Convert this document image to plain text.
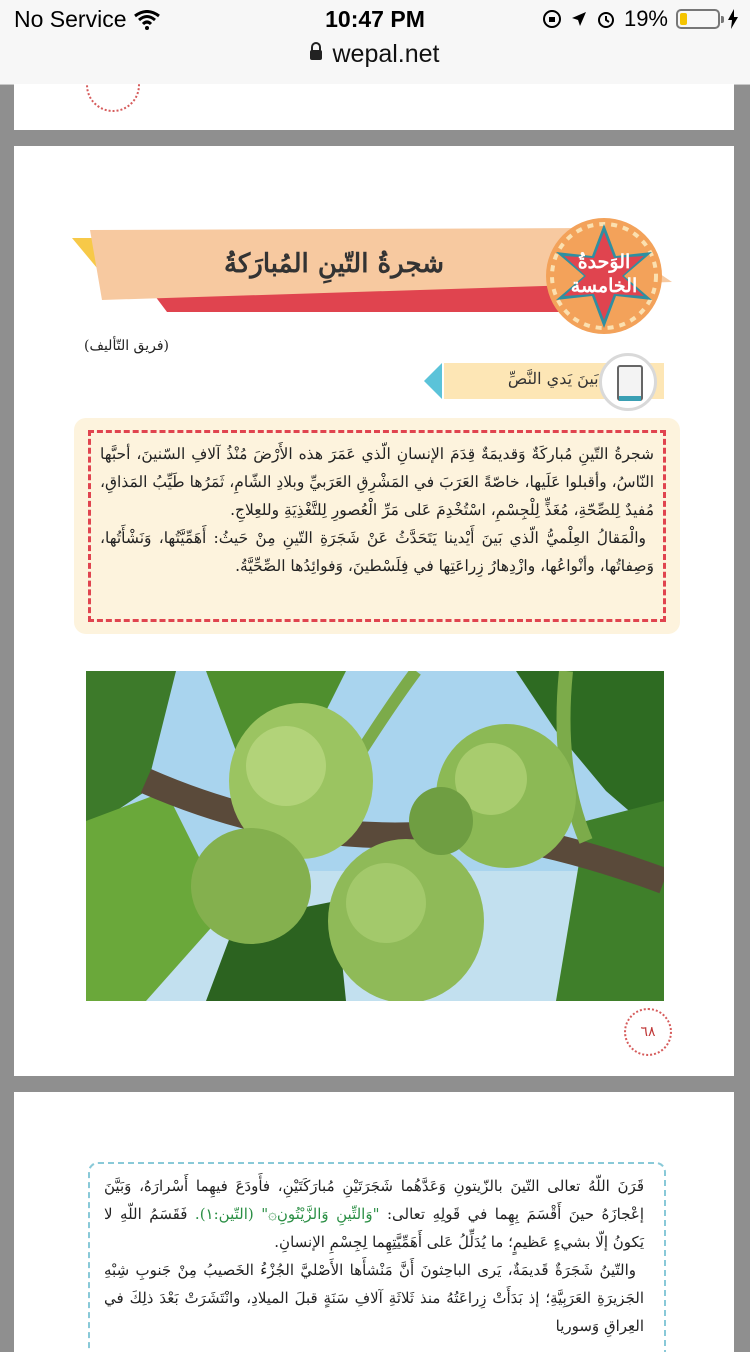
No Service	10:47 PM	19%
wepal.net
شجرةُ التّينِ المُبارَكةُ	الوَحدةُ
الخامسة
(فريق التّأليف)
بَينَ يَدي النَّصِّ

شجرةُ التّينِ مُباركَةٌ وَقديمَةٌ قِدَمَ الإنسانِ الّذي عَمَرَ هذه الأَرْضَ مُنْذُ آلافِ السّنينَ، أحبَّها النّاسُ، وأقبلوا عَلَيها، خاصّةً العَرَبَ في المَشْرِقِ العَرَبيِّ وبلادِ الشّامِ، ثَمَرُها طَيِّبُ المَذاقِ، مُفيدٌ لِلصِّحّةِ، مُغَذٍّ لِلْجِسْمِ، اسْتُخْدِمَ عَلى مَرِّ الْعُصورِ لِلتَّغْذِيَةِ وللعِلاجِ.

والْمَقالُ العِلْميُّ الّذي بَينَ أَيْدينا يَتَحَدَّثُ عَنْ شَجَرَةِ التّينِ مِنْ حَيثُ: أَهَمِّيَّتُها، وَنَشْأَتُها، وَصِفاتُها، وأنْواعُها، وازْدِهارُ زِراعَتِها في فِلَسْطينَ، وَفوائِدُها الصِّحِّيَّةُ.

٦٨

قَرَنَ اللّهُ تعالى التّينَ بالزّيتونِ وَعَدَّهُما شَجَرَتَيْنِ مُبارَكَتَيْنِ، فأَودَعَ فيهِما أَسْرارَهُ، وَبَيَّنَ إعْجازَهُ حينَ أَقْسَمَ بِهِما في قَولِهِ تعالى: "وَالتِّينِ وَالزَّيْتُونِ۞" (التّين:١). فَقَسَمُ اللّهِ لا يَكونُ إلّا بشيءٍ عَظيمٍ؛ ما يُدَلِّلُ عَلى أَهَمِّيَّتِهِما لِجِسْمِ الإنسانِ.

والتّينُ شَجَرَةٌ قَديمَةٌ، يَرى الباحِثونَ أَنَّ مَنْشأَها الأَصْليَّ الجُزْءُ الخَصيبُ مِنْ جَنوبِ شِبْهِ الجَزيرَةِ العَرَبِيَّةِ؛ إذ بَدَأَتْ زِراعَتُهُ منذ ثَلاثَةِ آلافِ سَنَةٍ قبلَ الميلادِ، وانْتَشَرَتْ بَعْدَ ذلِكَ في العِراقِ وَسوريا
